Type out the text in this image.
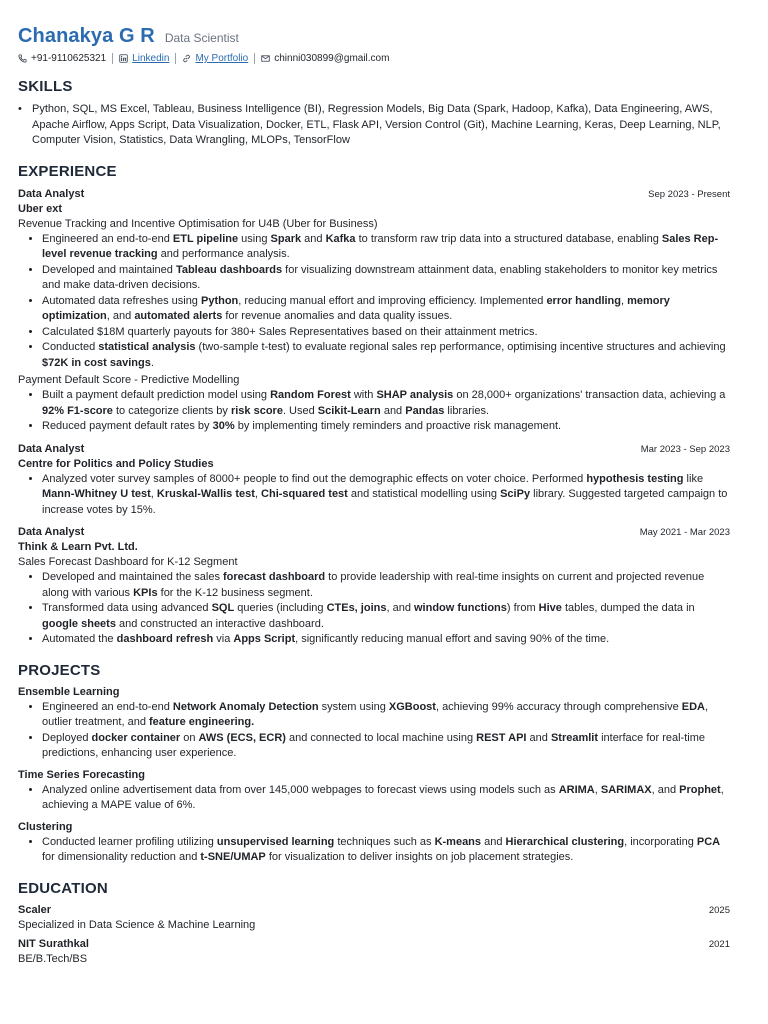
Chanakya G R Data Scientist
+91-9110625321	Linkedin	My Portfolio	chinni030899@gmail.com
SKILLS
• Python, SQL, MS Excel, Tableau, Business Intelligence (BI), Regression Models, Big Data (Spark, Hadoop, Kafka), Data Engineering, AWS, Apache Airflow, Apps Script, Data Visualization, Docker, ETL, Flask API, Version Control (Git), Machine Learning, Keras, Deep Learning, NLP, Computer Vision, Statistics, Data Wrangling, MLOPs, TensorFlow
EXPERIENCE
Data Analyst	Sep 2023 - Present
Uber ext
Revenue Tracking and Incentive Optimisation for U4B (Uber for Business)
• Engineered an end-to-end ETL pipeline using Spark and Kafka to transform raw trip data into a structured database, enabling Sales Rep-level revenue tracking and performance analysis.
• Developed and maintained Tableau dashboards for visualizing downstream attainment data, enabling stakeholders to monitor key metrics and make data-driven decisions.
• Automated data refreshes using Python, reducing manual effort and improving efficiency. Implemented error handling, memory optimization, and automated alerts for revenue anomalies and data quality issues.
• Calculated $18M quarterly payouts for 380+ Sales Representatives based on their attainment metrics.
• Conducted statistical analysis (two-sample t-test) to evaluate regional sales rep performance, optimising incentive structures and achieving $72K in cost savings.
Payment Default Score - Predictive Modelling
• Built a payment default prediction model using Random Forest with SHAP analysis on 28,000+ organizations' transaction data, achieving a 92% F1-score to categorize clients by risk score. Used Scikit-Learn and Pandas libraries.
• Reduced payment default rates by 30% by implementing timely reminders and proactive risk management.
Data Analyst	Mar 2023 - Sep 2023
Centre for Politics and Policy Studies
• Analyzed voter survey samples of 8000+ people to find out the demographic effects on voter choice. Performed hypothesis testing like Mann-Whitney U test, Kruskal-Wallis test, Chi-squared test and statistical modelling using SciPy library. Suggested targeted campaign to increase votes by 15%.
Data Analyst	May 2021 - Mar 2023
Think & Learn Pvt. Ltd.
Sales Forecast Dashboard for K-12 Segment
• Developed and maintained the sales forecast dashboard to provide leadership with real-time insights on current and projected revenue along with various KPIs for the K-12 business segment.
• Transformed data using advanced SQL queries (including CTEs, joins, and window functions) from Hive tables, dumped the data in google sheets and constructed an interactive dashboard.
• Automated the dashboard refresh via Apps Script, significantly reducing manual effort and saving 90% of the time.
PROJECTS
Ensemble Learning
• Engineered an end-to-end Network Anomaly Detection system using XGBoost, achieving 99% accuracy through comprehensive EDA, outlier treatment, and feature engineering.
• Deployed docker container on AWS (ECS, ECR) and connected to local machine using REST API and Streamlit interface for real-time predictions, enhancing user experience.
Time Series Forecasting
• Analyzed online advertisement data from over 145,000 webpages to forecast views using models such as ARIMA, SARIMAX, and Prophet, achieving a MAPE value of 6%.
Clustering
• Conducted learner profiling utilizing unsupervised learning techniques such as K-means and Hierarchical clustering, incorporating PCA for dimensionality reduction and t-SNE/UMAP for visualization to deliver insights on job placement strategies.
EDUCATION
Scaler	2025
Specialized in Data Science & Machine Learning
NIT Surathkal	2021
BE/B.Tech/BS
